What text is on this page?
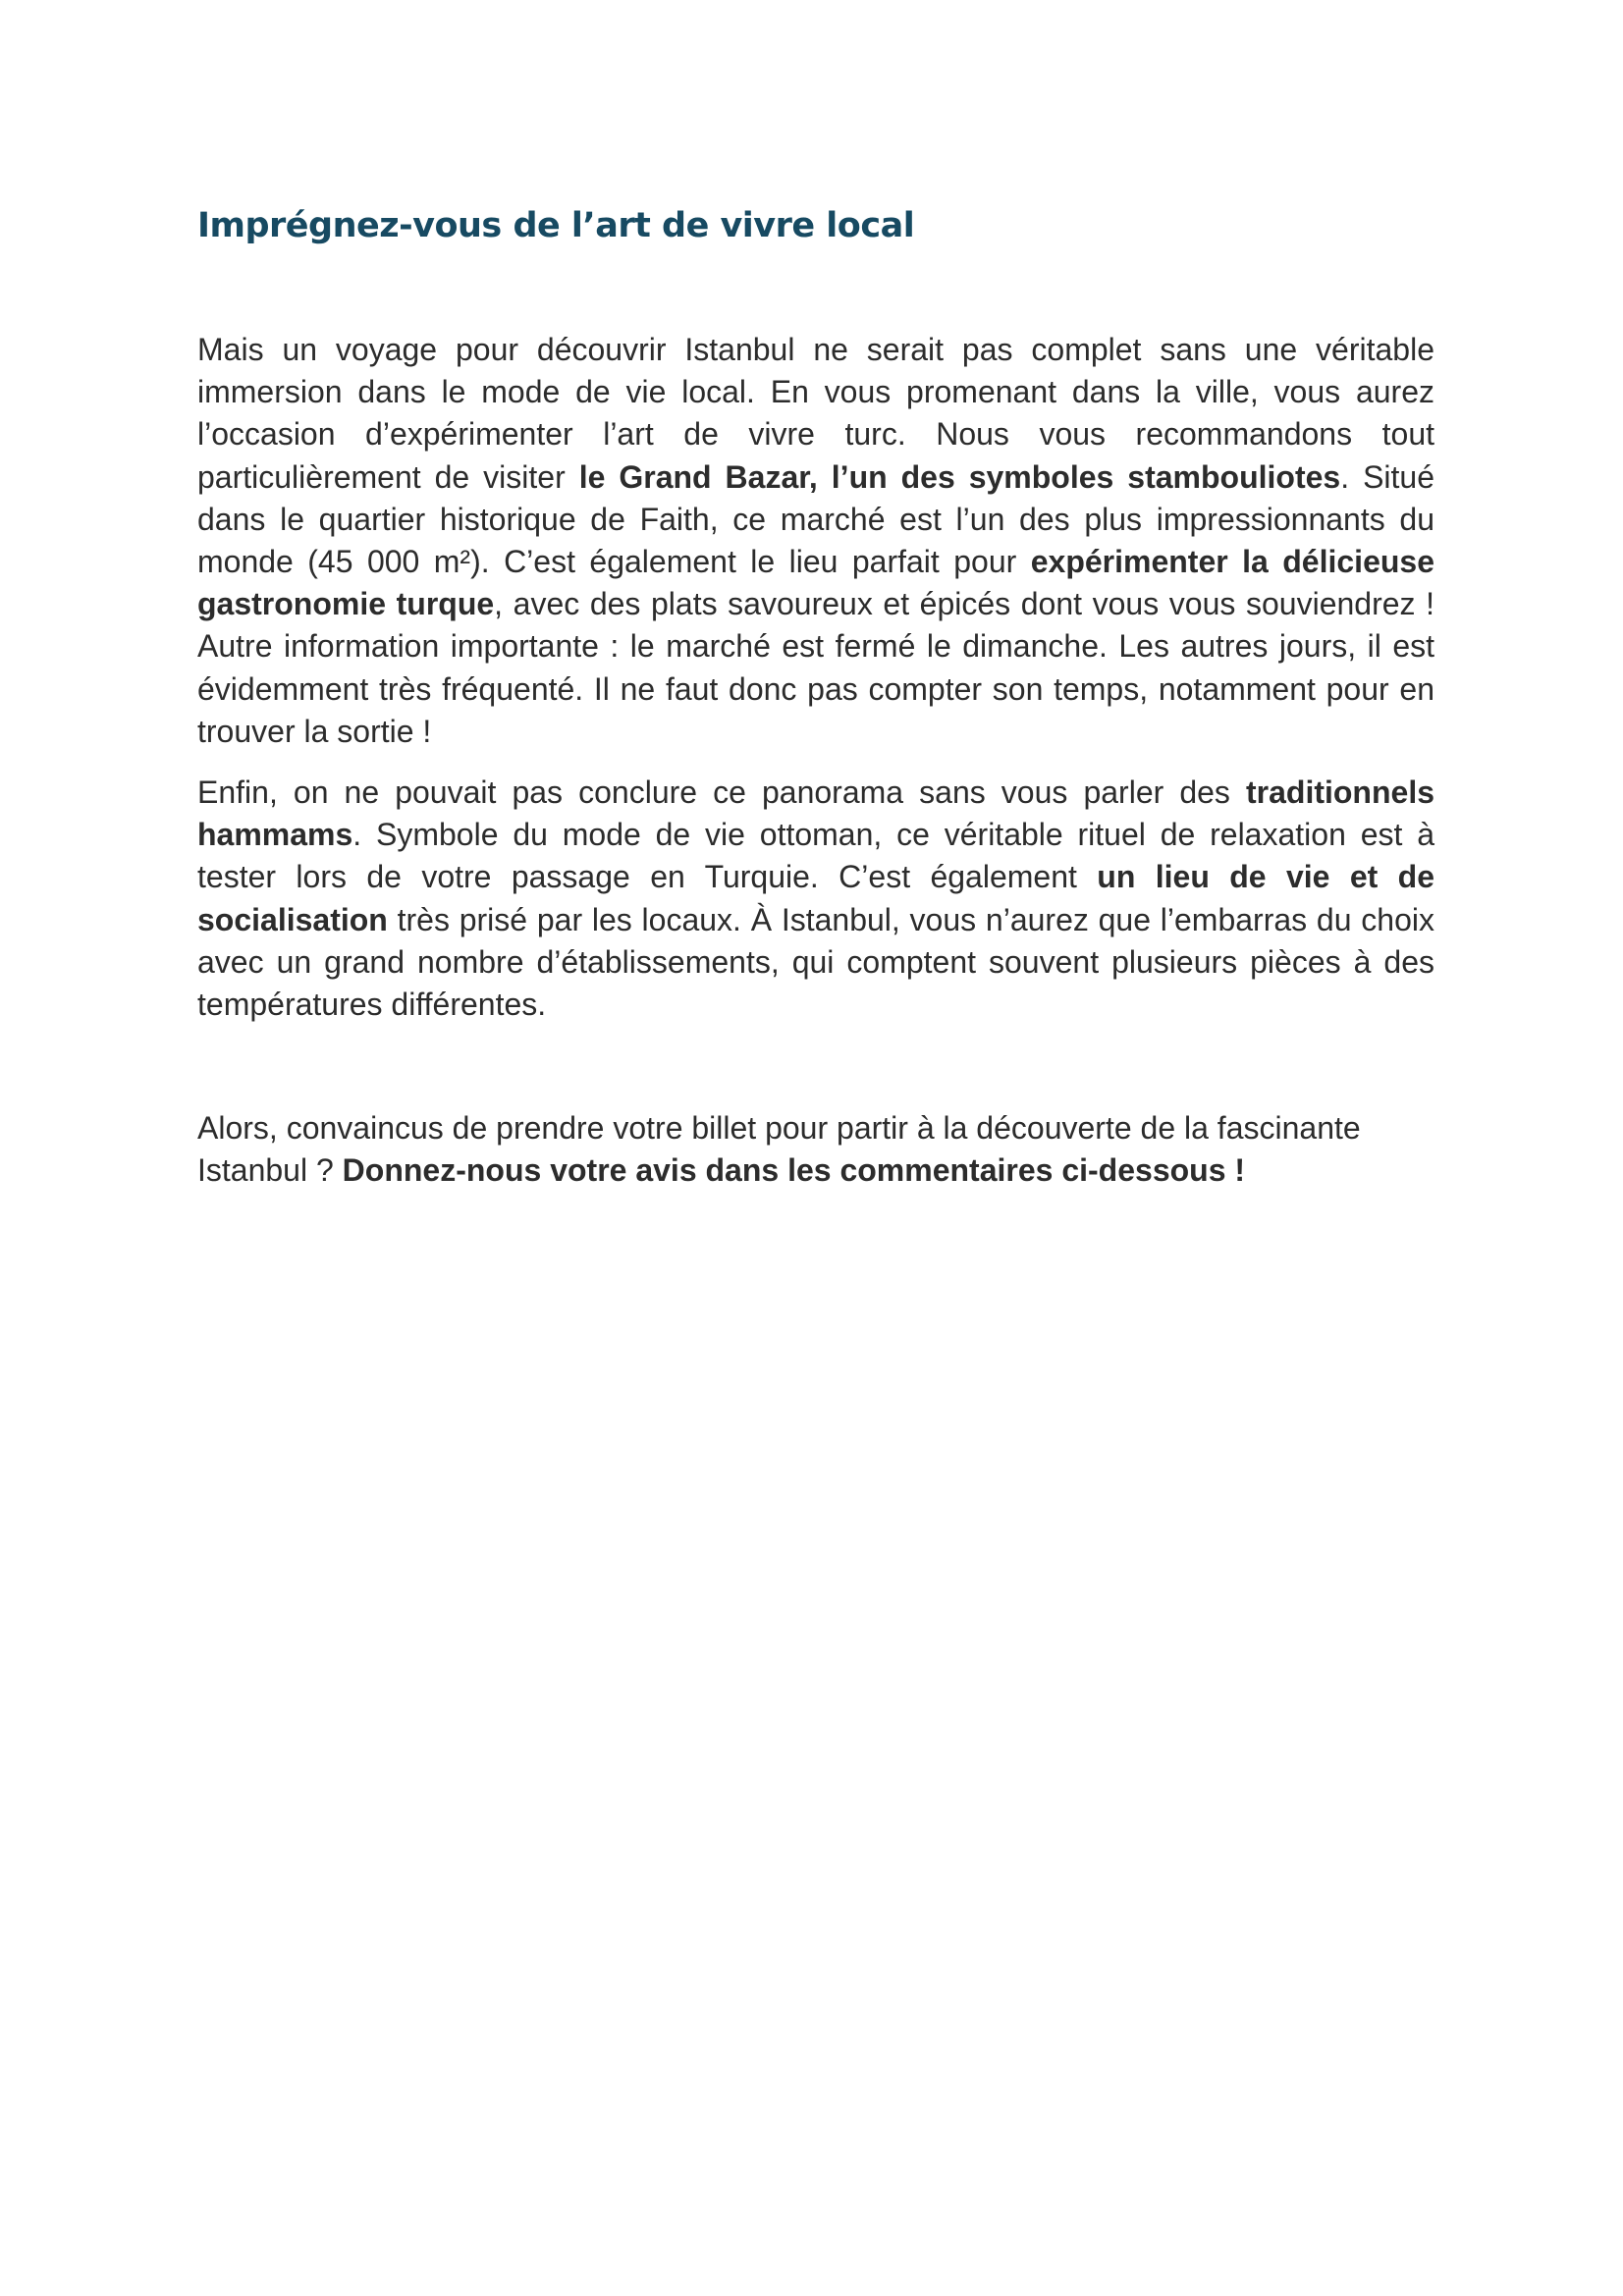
Imprégnez-vous de l’art de vivre local

Mais un voyage pour découvrir Istanbul ne serait pas complet sans une véritable immersion dans le mode de vie local. En vous promenant dans la ville, vous aurez l’occasion d’expérimenter l’art de vivre turc. Nous vous recommandons tout particulièrement de visiter le Grand Bazar, l’un des symboles stambouliotes. Situé dans le quartier historique de Faith, ce marché est l’un des plus impressionnants du monde (45 000 m²). C’est également le lieu parfait pour expérimenter la délicieuse gastronomie turque, avec des plats savoureux et épicés dont vous vous souviendrez ! Autre information importante : le marché est fermé le dimanche. Les autres jours, il est évidemment très fréquenté. Il ne faut donc pas compter son temps, notamment pour en trouver la sortie !

Enfin, on ne pouvait pas conclure ce panorama sans vous parler des traditionnels hammams. Symbole du mode de vie ottoman, ce véritable rituel de relaxation est à tester lors de votre passage en Turquie. C’est également un lieu de vie et de socialisation très prisé par les locaux. À Istanbul, vous n’aurez que l’embarras du choix avec un grand nombre d’établissements, qui comptent souvent plusieurs pièces à des températures différentes.

Alors, convaincus de prendre votre billet pour partir à la découverte de la fascinante Istanbul ? Donnez-nous votre avis dans les commentaires ci-dessous !
